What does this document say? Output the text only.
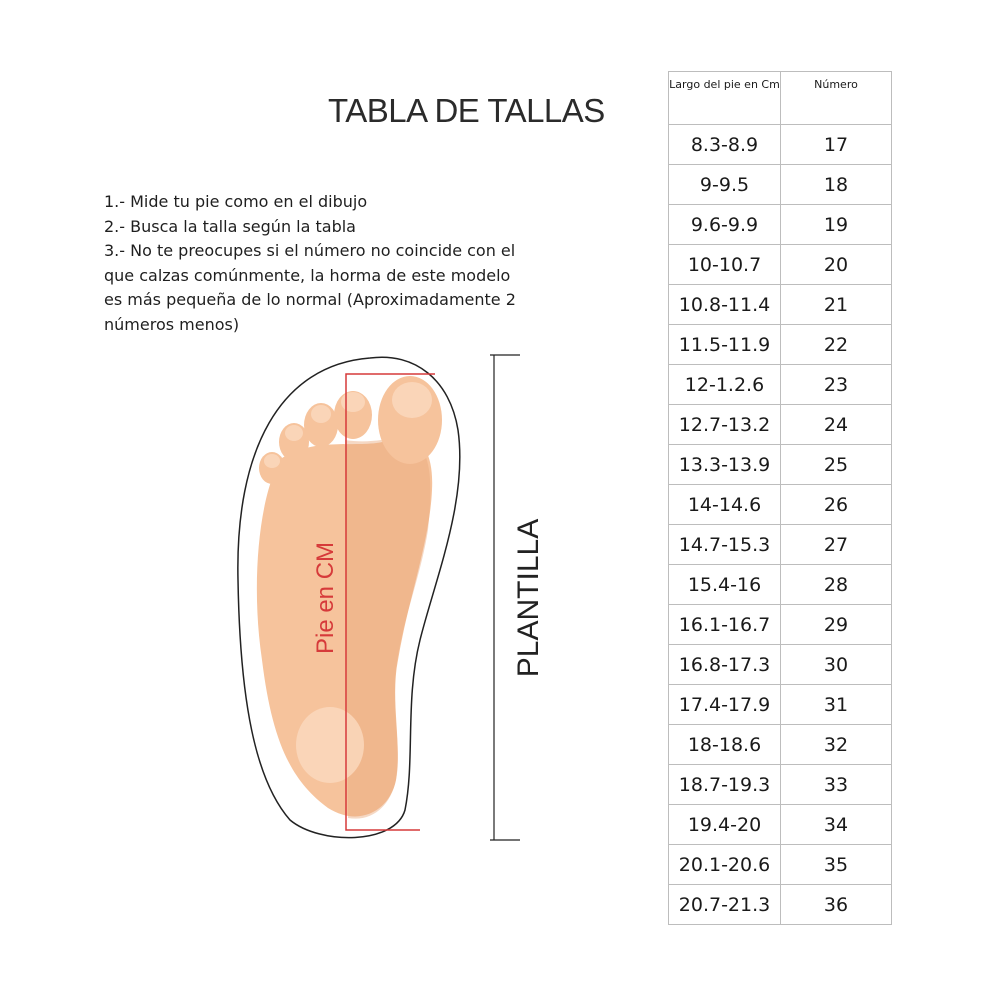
TABLA DE TALLAS
1.- Mide tu pie como en el dibujo
2.- Busca la talla según la tabla
3.- No te preocupes si el número no coincide con el que calzas comúnmente, la horma de este modelo es más pequeña de lo normal (Aproximadamente 2 números menos)
Pie en CM	PLANTILLA
Largo del pie en Cm	Número
8.3-8.9	17
9-9.5	18
9.6-9.9	19
10-10.7	20
10.8-11.4	21
11.5-11.9	22
12-1.2.6	23
12.7-13.2	24
13.3-13.9	25
14-14.6	26
14.7-15.3	27
15.4-16	28
16.1-16.7	29
16.8-17.3	30
17.4-17.9	31
18-18.6	32
18.7-19.3	33
19.4-20	34
20.1-20.6	35
20.7-21.3	36
